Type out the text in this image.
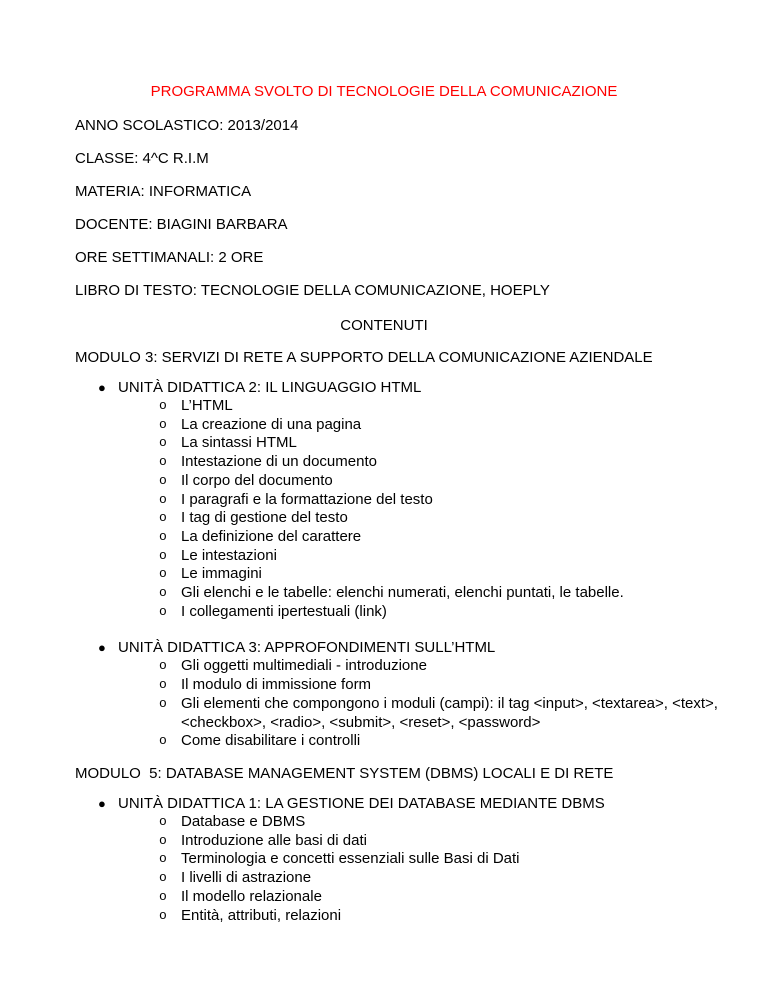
PROGRAMMA SVOLTO DI TECNOLOGIE DELLA COMUNICAZIONE
ANNO SCOLASTICO: 2013/2014
CLASSE: 4^C R.I.M
MATERIA: INFORMATICA
DOCENTE: BIAGINI BARBARA
ORE SETTIMANALI: 2 ORE
LIBRO DI TESTO: TECNOLOGIE DELLA COMUNICAZIONE, HOEPLY
CONTENUTI
MODULO 3: SERVIZI DI RETE A SUPPORTO DELLA COMUNICAZIONE AZIENDALE
● UNITÀ DIDATTICA 2: IL LINGUAGGIO HTML
o L’HTML
o La creazione di una pagina
o La sintassi HTML
o Intestazione di un documento
o Il corpo del documento
o I paragrafi e la formattazione del testo
o I tag di gestione del testo
o La definizione del carattere
o Le intestazioni
o Le immagini
o Gli elenchi e le tabelle: elenchi numerati, elenchi puntati, le tabelle.
o I collegamenti ipertestuali (link)
● UNITÀ DIDATTICA 3: APPROFONDIMENTI SULL’HTML
o Gli oggetti multimediali - introduzione
o Il modulo di immissione form
o Gli elementi che compongono i moduli (campi): il tag <input>, <textarea>, <text>, <checkbox>, <radio>, <submit>, <reset>, <password>
o Come disabilitare i controlli
MODULO  5: DATABASE MANAGEMENT SYSTEM (DBMS) LOCALI E DI RETE
● UNITÀ DIDATTICA 1: LA GESTIONE DEI DATABASE MEDIANTE DBMS
o Database e DBMS
o Introduzione alle basi di dati
o Terminologia e concetti essenziali sulle Basi di Dati
o I livelli di astrazione
o Il modello relazionale
o Entità, attributi, relazioni
